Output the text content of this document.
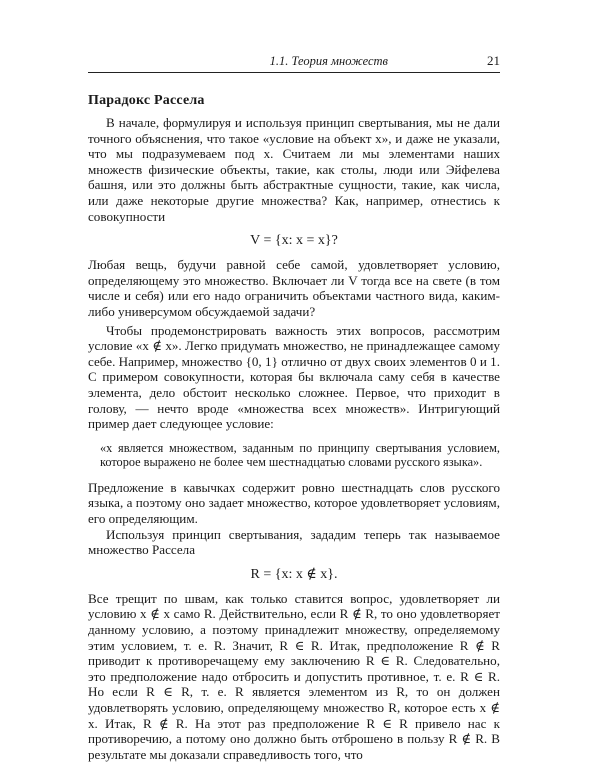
1.1. Теория множеств	21
Парадокс Рассела

В начале, формулируя и используя принцип свертывания, мы не дали точного объяснения, что такое «условие на объект x», и даже не указали, что мы подразумеваем под x. Считаем ли мы элементами наших множеств физические объекты, такие, как столы, люди или Эйфелева башня, или это должны быть абстрактные сущности, такие, как числа, или даже некоторые другие множества? Как, например, отнестись к совокупности

V = {x: x = x}?

Любая вещь, будучи равной себе самой, удовлетворяет условию, определяющему это множество. Включает ли V тогда все на свете (в том числе и себя) или его надо ограничить объектами частного вида, каким-либо универсумом обсуждаемой задачи?

Чтобы продемонстрировать важность этих вопросов, рассмотрим условие «x ∉ x». Легко придумать множество, не принадлежащее самому себе. Например, множество {0, 1} отлично от двух своих элементов 0 и 1. С примером совокупности, которая бы включала саму себя в качестве элемента, дело обстоит несколько сложнее. Первое, что приходит в голову, — нечто вроде «множества всех множеств». Интригующий пример дает следующее условие:

«x является множеством, заданным по принципу свертывания условием, которое выражено не более чем шестнадцатью словами русского языка».

Предложение в кавычках содержит ровно шестнадцать слов русского языка, а поэтому оно задает множество, которое удовлетворяет условиям, его определяющим.

Используя принцип свертывания, зададим теперь так называемое множество Рассела

R = {x: x ∉ x}.

Все трещит по швам, как только ставится вопрос, удовлетворяет ли условию x ∉ x само R. Действительно, если R ∉ R, то оно удовлетворяет данному условию, а поэтому принадлежит множеству, определяемому этим условием, т. е. R. Значит, R ∈ R. Итак, предположение R ∉ R приводит к противоречащему ему заключению R ∈ R. Следовательно, это предположение надо отбросить и допустить противное, т. е. R ∈ R. Но если R ∈ R, т. е. R является элементом из R, то он должен удовлетворять условию, определяющему множество R, которое есть x ∉ x. Итак, R ∉ R. На этот раз предположение R ∈ R привело нас к противоречию, а потому оно должно быть отброшено в пользу R ∉ R. В результате мы доказали справедливость того, что
